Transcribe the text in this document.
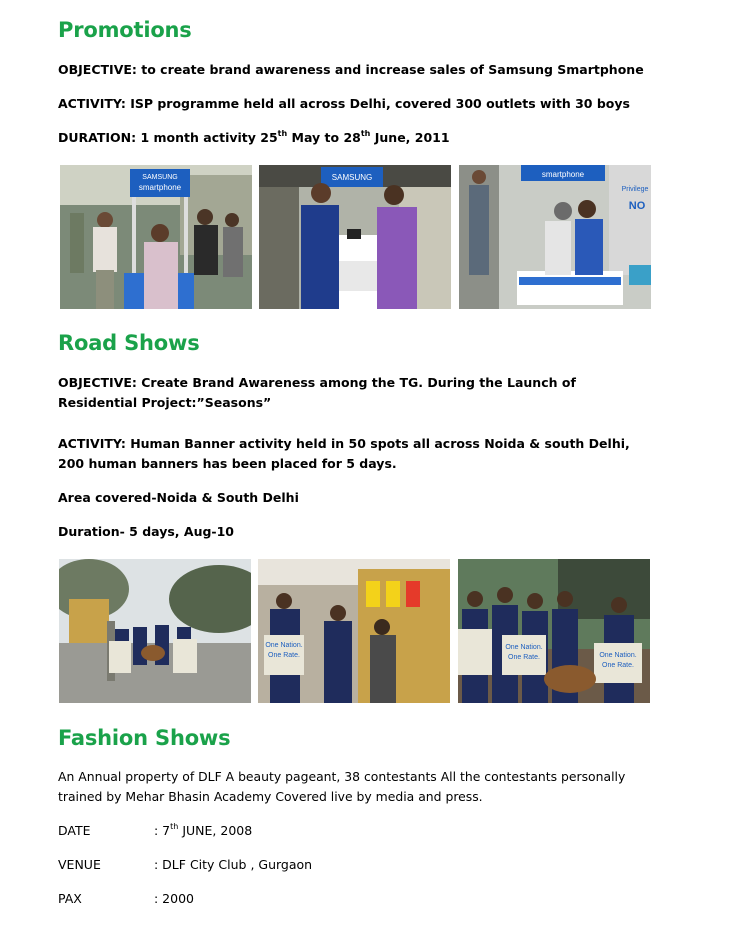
Promotions

OBJECTIVE: to create brand awareness and increase sales of Samsung Smartphone

ACTIVITY: ISP programme held all across Delhi, covered 300 outlets with 30 boys

DURATION: 1 month activity 25th May to 28th June, 2011

SAMSUNG
smartphone
SAMSUNG	smartphone
Privilege
NO
Road Shows

OBJECTIVE: Create Brand Awareness among the TG. During the Launch of Residential Project:”Seasons”

ACTIVITY: Human Banner activity held in 50 spots all across Noida & south Delhi, 200 human banners has been placed for 5 days.

Area covered-Noida & South Delhi

Duration- 5 days, Aug-10

One Nation.
One Rate.
One Nation.
One Rate.	One Nation.
One Rate.
Fashion Shows

An Annual property of DLF A beauty pageant, 38 contestants All the contestants personally trained by Mehar Bhasin Academy Covered live by media and press.

DATE	: 7th JUNE, 2008

VENUE	: DLF City Club , Gurgaon

PAX	: 2000
